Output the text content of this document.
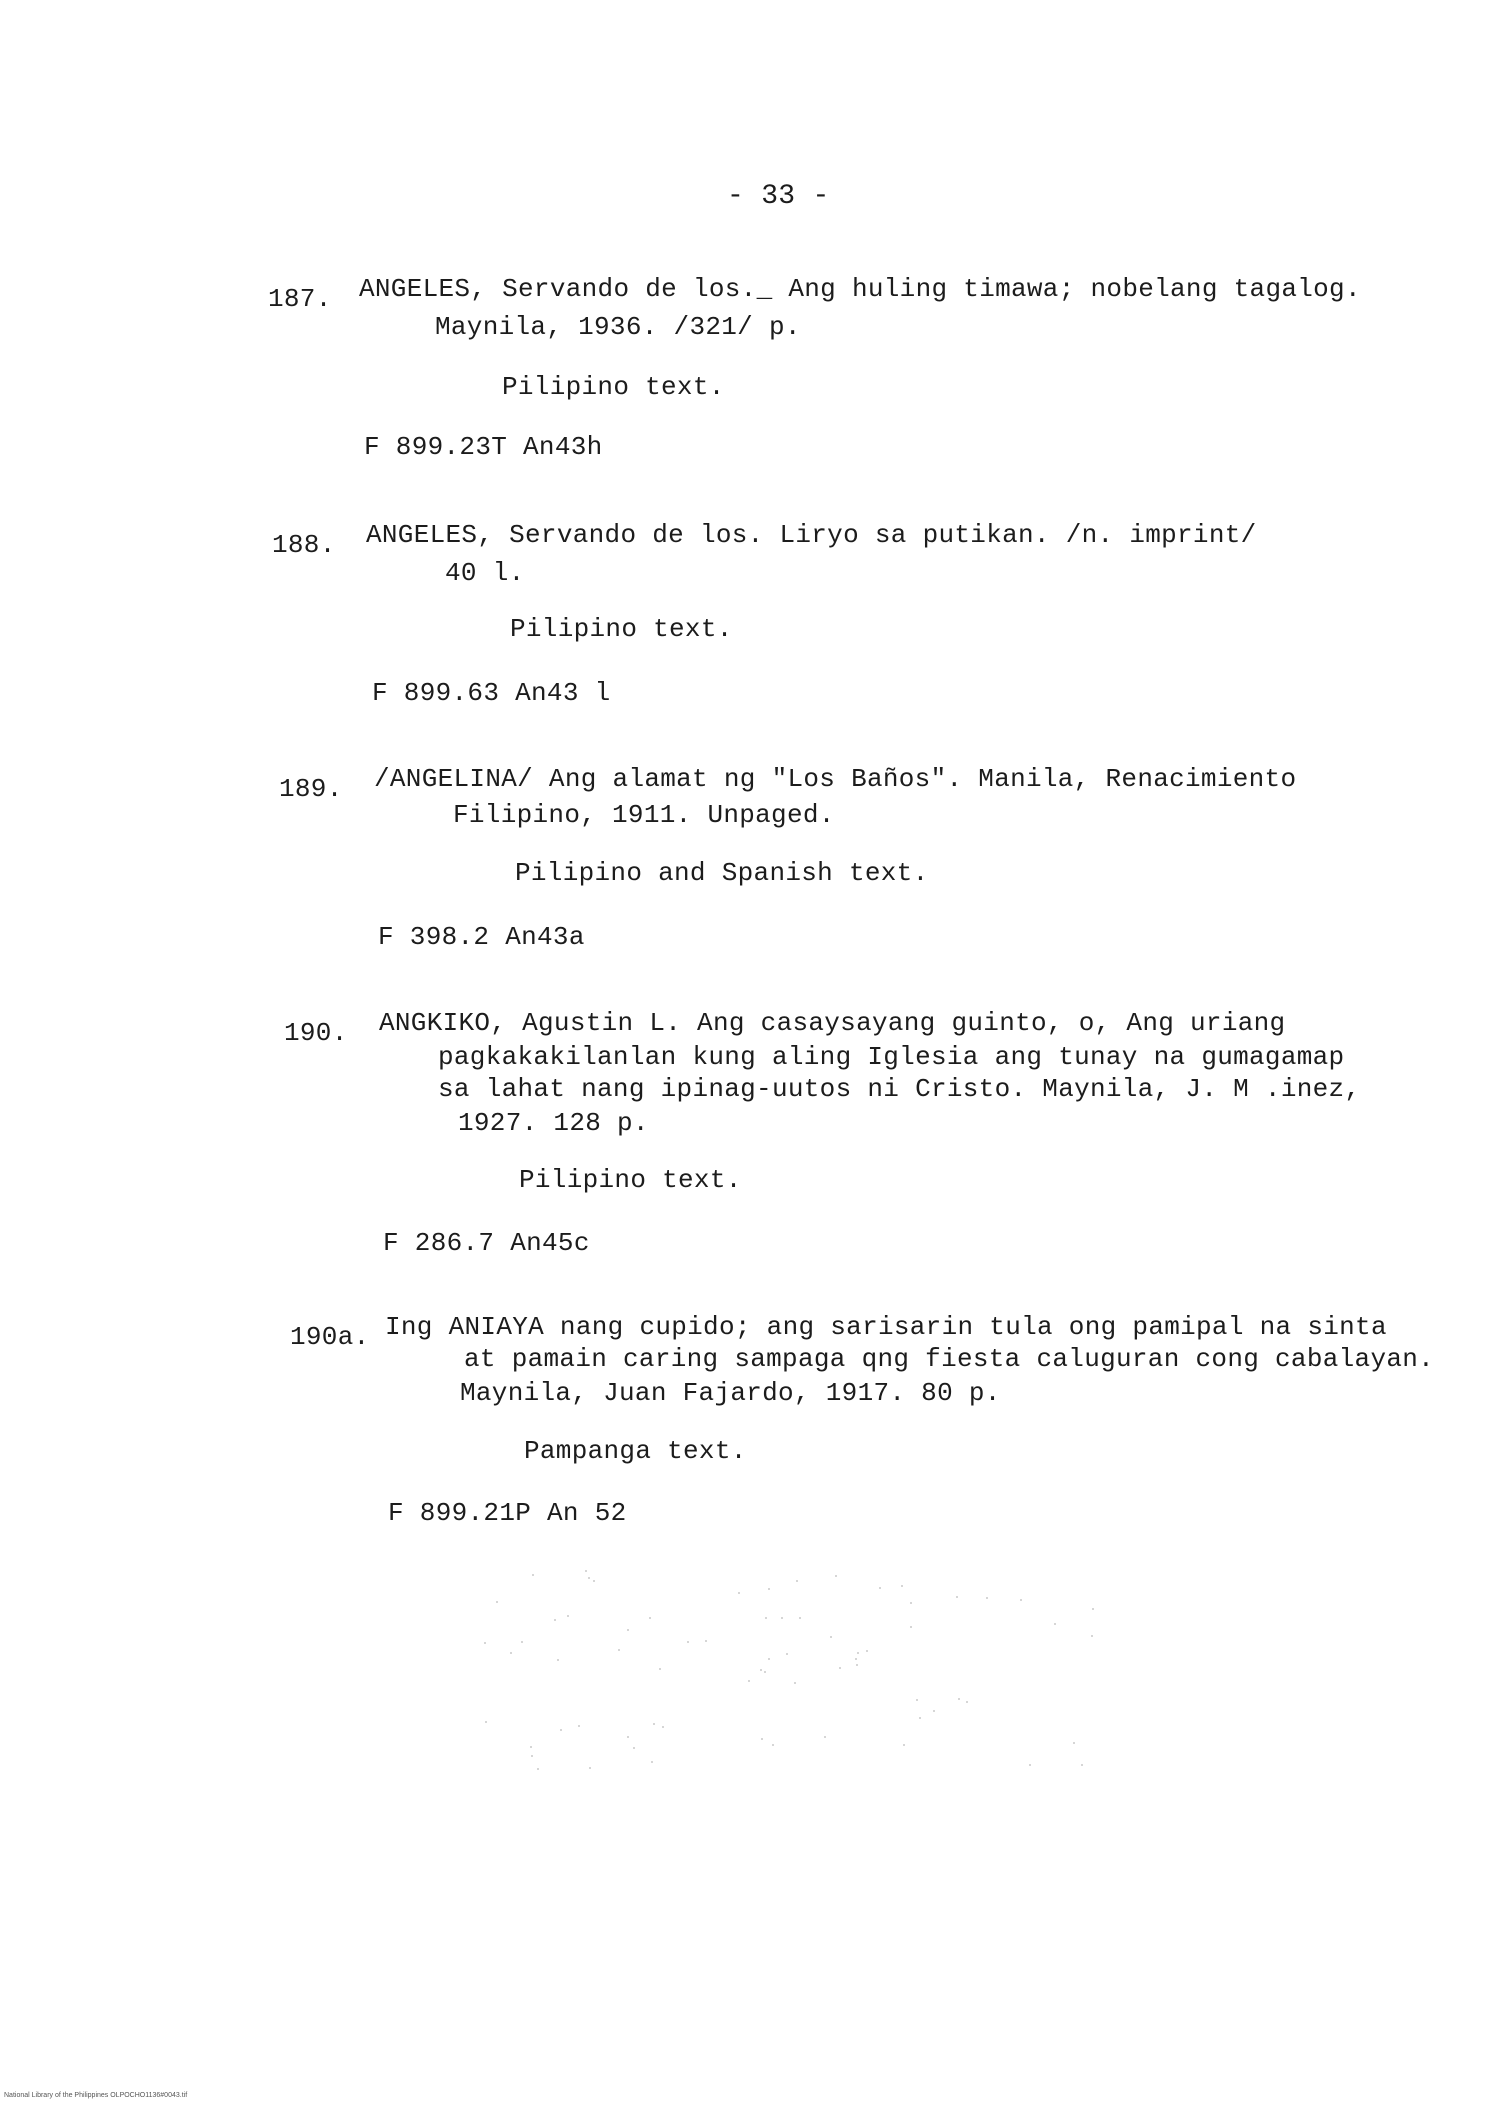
- 33 -
187. ANGELES, Servando de los._ Ang huling timawa; nobelang tagalog.
Maynila, 1936. /321/ p.
Pilipino text.
F 899.23T An43h
188. ANGELES, Servando de los. Liryo sa putikan. /n. imprint/
40 l.
Pilipino text.
F 899.63 An43 l
189. /ANGELINA/ Ang alamat ng "Los Baños". Manila, Renacimiento
Filipino, 1911. Unpaged.
Pilipino and Spanish text.
F 398.2 An43a
190. ANGKIKO, Agustin L. Ang casaysayang guinto, o, Ang uriang
pagkakakilanlan kung aling Iglesia ang tunay na gumagamap
sa lahat nang ipinag-uutos ni Cristo. Maynila, J. M .inez,
1927. 128 p.
Pilipino text.
F 286.7 An45c
190a. Ing ANIAYA nang cupido; ang sarisarin tula ong pamipal na sinta
at pamain caring sampaga qng fiesta caluguran cong cabalayan.
Maynila, Juan Fajardo, 1917. 80 p.
Pampanga text.
F 899.21P An 52
National Library of the Philippines OLPOCHO1136#0043.tif
